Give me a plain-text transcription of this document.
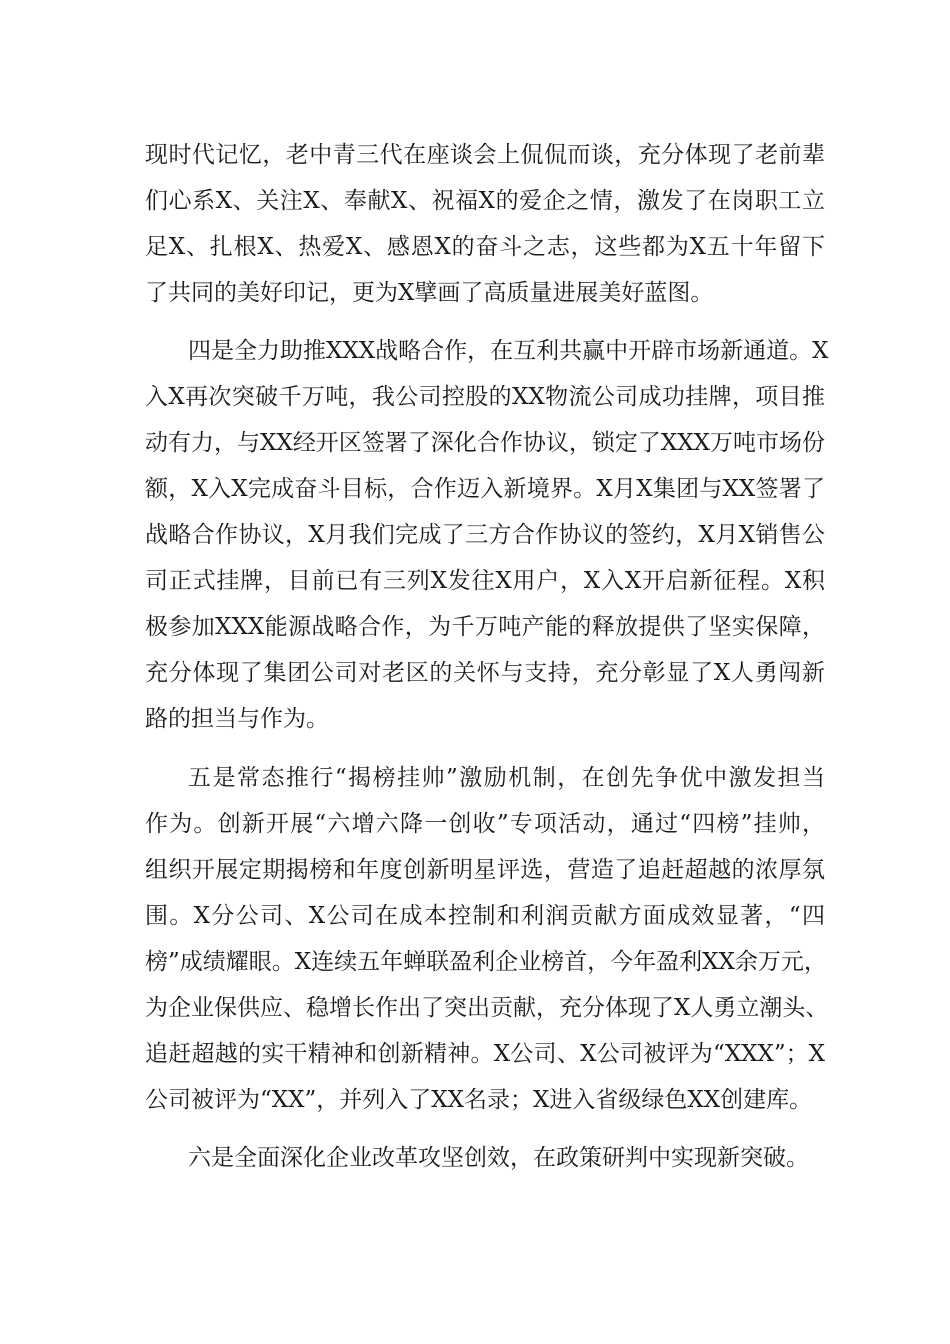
现时代记忆，老中青三代在座谈会上侃侃而谈，充分体现了老前辈
们心系X、关注X、奉献X、祝福X的爱企之情，激发了在岗职工立
足X、扎根X、热爱X、感恩X的奋斗之志，这些都为X五十年留下
了共同的美好印记，更为X擘画了高质量进展美好蓝图。
四是全力助推XXX战略合作，在互利共赢中开辟市场新通道。X
入X再次突破千万吨，我公司控股的XX物流公司成功挂牌，项目推
动有力，与XX经开区签署了深化合作协议，锁定了XXX万吨市场份
额，X入X完成奋斗目标，合作迈入新境界。X月X集团与XX签署了
战略合作协议，X月我们完成了三方合作协议的签约，X月X销售公
司正式挂牌，目前已有三列X发往X用户，X入X开启新征程。X积
极参加XXX能源战略合作，为千万吨产能的释放提供了坚实保障，
充分体现了集团公司对老区的关怀与支持，充分彰显了X人勇闯新
路的担当与作为。
五是常态推行“揭榜挂帅”激励机制，在创先争优中激发担当
作为。创新开展“六增六降一创收”专项活动，通过“四榜”挂帅，
组织开展定期揭榜和年度创新明星评选，营造了追赶超越的浓厚氛
围。X分公司、X公司在成本控制和利润贡献方面成效显著，“四
榜”成绩耀眼。X连续五年蝉联盈利企业榜首，今年盈利XX余万元，
为企业保供应、稳增长作出了突出贡献，充分体现了X人勇立潮头、
追赶超越的实干精神和创新精神。X公司、X公司被评为“XXX”；X
公司被评为“XX”，并列入了XX名录；X进入省级绿色XX创建库。
六是全面深化企业改革攻坚创效，在政策研判中实现新突破。
